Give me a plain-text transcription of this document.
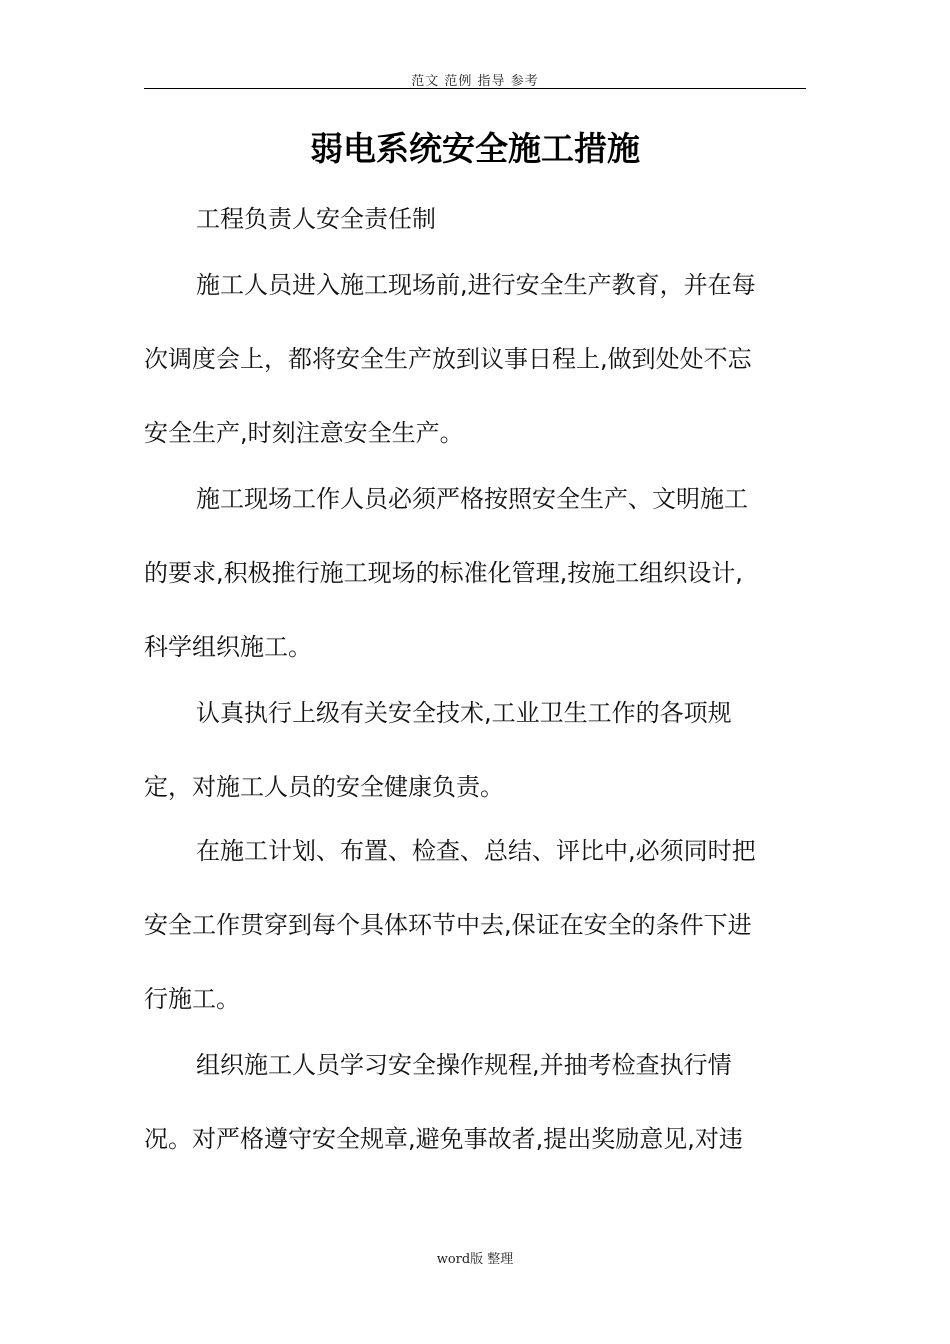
范文 范例 指导 参考
弱电系统安全施工措施
工程负责人安全责任制
施工人员进入施工现场前,进行安全生产教育，并在每
次调度会上，都将安全生产放到议事日程上,做到处处不忘
安全生产,时刻注意安全生产。
施工现场工作人员必须严格按照安全生产、文明施工
的要求,积极推行施工现场的标准化管理,按施工组织设计,
科学组织施工。
认真执行上级有关安全技术,工业卫生工作的各项规
定，对施工人员的安全健康负责。
在施工计划、布置、检查、总结、评比中,必须同时把
安全工作贯穿到每个具体环节中去,保证在安全的条件下进
行施工。
组织施工人员学习安全操作规程,并抽考检查执行情
况。对严格遵守安全规章,避免事故者,提出奖励意见,对违
word版 整理
